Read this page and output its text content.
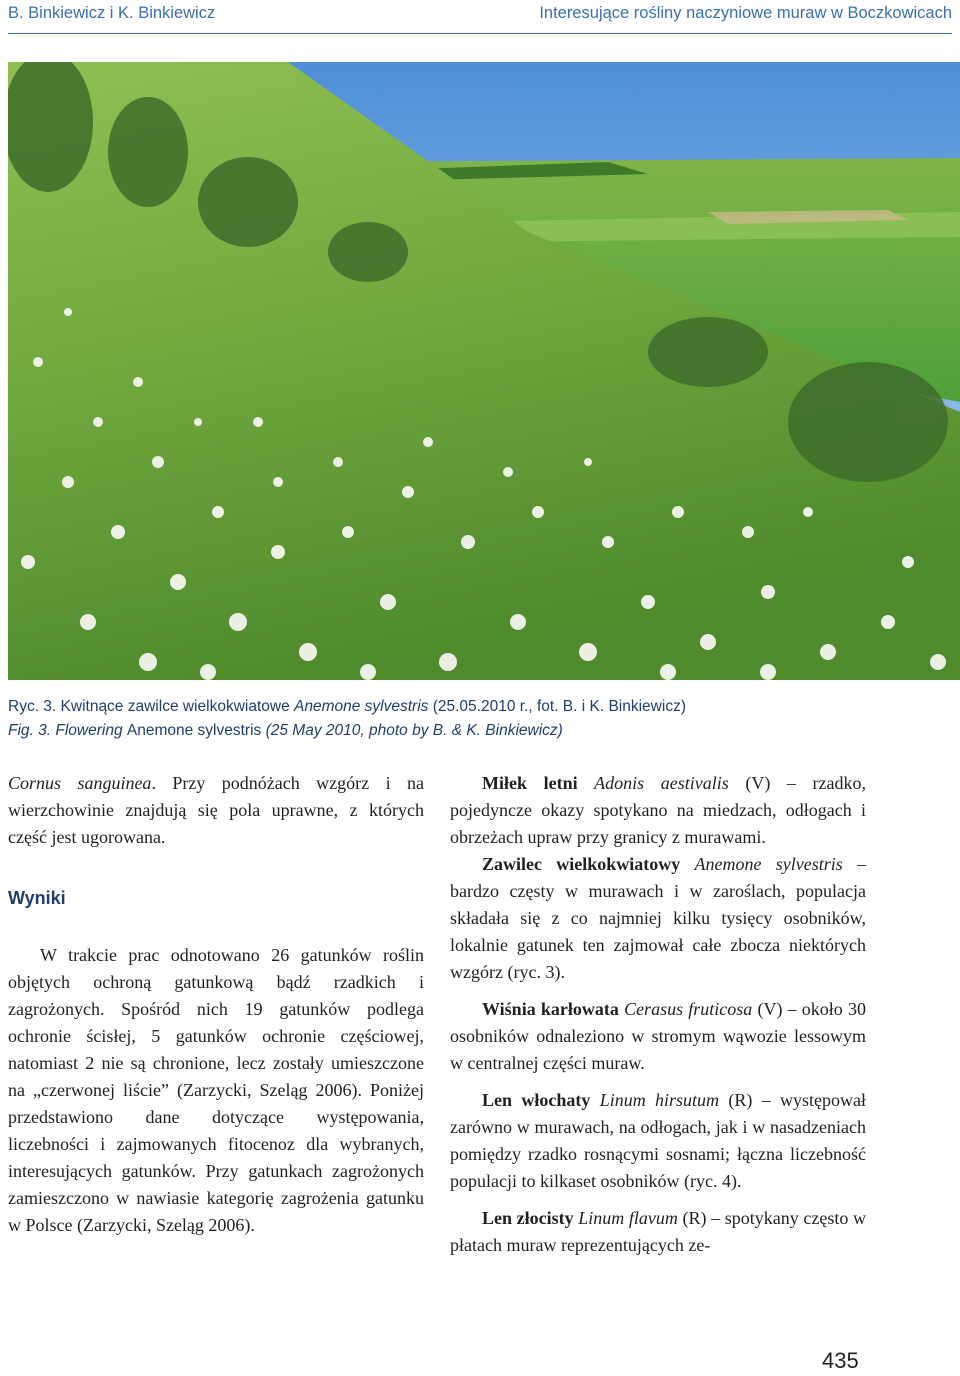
B. Binkiewicz i K. Binkiewicz	Interesujące rośliny naczyniowe muraw w Boczkowicach
Ryc. 3. Kwitnące zawilce wielkokwiatowe Anemone sylvestris (25.05.2010 r., fot. B. i K. Binkiewicz)
Fig. 3. Flowering Anemone sylvestris (25 May 2010, photo by B. & K. Binkiewicz)

Cornus sanguinea. Przy podnóżach wzgórz i na wierzchowinie znajdują się pola uprawne, z których część jest ugorowana.

Wyniki

W trakcie prac odnotowano 26 gatunków roślin objętych ochroną gatunkową bądź rzadkich i zagrożonych. Spośród nich 19 gatunków podlega ochronie ścisłej, 5 gatunków ochronie częściowej, natomiast 2 nie są chronione, lecz zostały umieszczone na „czerwonej liście” (Zarzycki, Szeląg 2006). Poniżej przedstawiono dane dotyczące występowania, liczebności i zajmowanych fitocenoz dla wybranych, interesujących gatunków. Przy gatunkach zagrożonych zamieszczono w nawiasie kategorię zagrożenia gatunku w Polsce (Zarzycki, Szeląg 2006).

Miłek letni Adonis aestivalis (V) – rzadko, pojedyncze okazy spotykano na miedzach, odłogach i obrzeżach upraw przy granicy z murawami.

Zawilec wielkokwiatowy Anemone sylvestris – bardzo częsty w murawach i w zaroślach, populacja składała się z co najmniej kilku tysięcy osobników, lokalnie gatunek ten zajmował całe zbocza niektórych wzgórz (ryc. 3).

Wiśnia karłowata Cerasus fruticosa (V) – około 30 osobników odnaleziono w stromym wąwozie lessowym w centralnej części muraw.

Len włochaty Linum hirsutum (R) – występował zarówno w murawach, na odłogach, jak i w nasadzeniach pomiędzy rzadko rosnącymi sosnami; łączna liczebność populacji to kilkaset osobników (ryc. 4).

Len złocisty Linum flavum (R) – spotykany często w płatach muraw reprezentujących ze-

435
